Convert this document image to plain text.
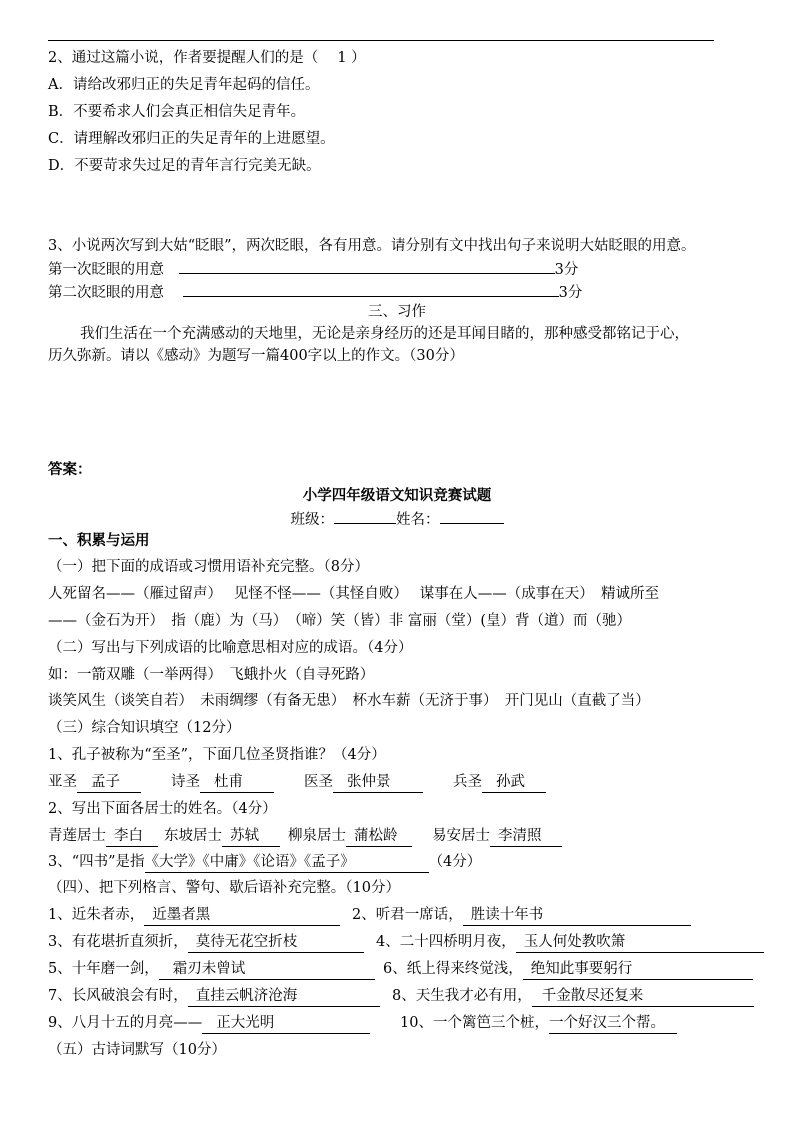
2、通过这篇小说，作者要提醒人们的是（　 1 ）
A．请给改邪归正的失足青年起码的信任。
B．不要希求人们会真正相信失足青年。
C．请理解改邪归正的失足青年的上进愿望。
D．不要苛求失过足的青年言行完美无缺。
3、小说两次写到大姑“眨眼”，两次眨眼，各有用意。请分别有文中找出句子来说明大姑眨眼的用意。
第一次眨眼的用意	3分
第二次眨眼的用意	3分
三、习作
我们生活在一个充满感动的天地里，无论是亲身经历的还是耳闻目睹的，那种感受都铭记于心，
历久弥新。请以《感动》为题写一篇400字以上的作文。（30分）
答案：
小学四年级语文知识竞赛试题
班级：	姓名：
一、积累与运用
（一）把下面的成语或习惯用语补充完整。（8分）
人死留名——（雁过留声）　 见怪不怪——（其怪自败）　 谋事在人——（成事在天）　精诚所至
——（金石为开）　指（鹿）为（马）　（啼）笑（皆）非 富丽（堂）(皇）背（道）而（驰）
（二）写出与下列成语的比喻意思相对应的成语。（4分）
如：一箭双雕（一举两得）　飞蛾扑火（自寻死路）
谈笑风生（谈笑自若）　未雨绸缪（有备无患）　杯水车薪（无济于事）　开门见山（直截了当）
（三）综合知识填空（12分）
1、孔子被称为“至圣”，下面几位圣贤指谁？（4分）
亚圣 孟子	诗圣 杜甫	医圣 张仲景	兵圣 孙武
2、写出下面各居士的姓名。（4分）
青莲居士 李白 东坡居士 苏轼 柳泉居士 蒲松龄 易安居士 李清照
3、“四书”是指《大学》《中庸》《论语》《孟子》	（4分）
（四）、把下列格言、警句、歇后语补充完整。（10分）
1、近朱者赤， 近墨者黑	2、听君一席话， 胜读十年书
3、有花堪折直须折， 莫待无花空折枝	4、二十四桥明月夜， 玉人何处教吹箫
5、十年磨一剑， 霜刃未曾试	6、纸上得来终觉浅， 绝知此事要躬行
7、长风破浪会有时， 直挂云帆济沧海	8、天生我才必有用， 千金散尽还复来
9、八月十五的月亮—— 正大光明	10、一个篱笆三个桩，一个好汉三个帮。
（五）古诗词默写（10分）
